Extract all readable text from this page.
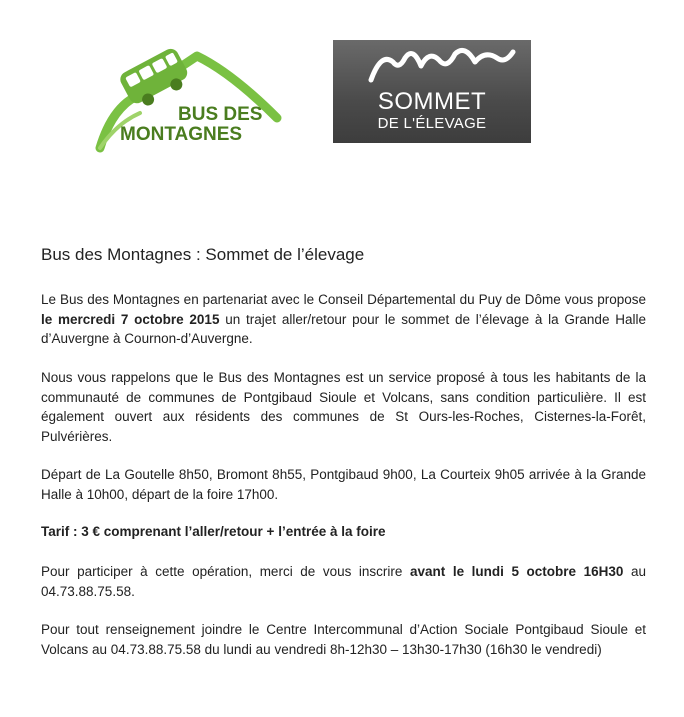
BUS DES
MONTAGNES
SOMMET
DE L'ÉLEVAGE
Bus des Montagnes : Sommet de l’élevage
Le Bus des Montagnes en partenariat avec le Conseil Départemental du Puy de Dôme vous propose le mercredi 7 octobre 2015 un trajet aller/retour pour le sommet de l’élevage à la Grande Halle d’Auvergne à Cournon-d’Auvergne.
Nous vous rappelons que le Bus des Montagnes est un service proposé à tous les habitants de la communauté de communes de Pontgibaud Sioule et Volcans, sans condition particulière. Il est également ouvert aux résidents des communes de St Ours-les-Roches, Cisternes-la-Forêt, Pulvérières.
Départ de La Goutelle 8h50, Bromont 8h55, Pontgibaud 9h00, La Courteix 9h05 arrivée à la Grande Halle à 10h00, départ de la foire 17h00.
Tarif : 3 € comprenant l’aller/retour + l’entrée à la foire
Pour participer à cette opération, merci de vous inscrire avant le lundi 5 octobre 16H30 au 04.73.88.75.58.
Pour tout renseignement joindre le Centre Intercommunal d’Action Sociale Pontgibaud Sioule et Volcans au 04.73.88.75.58 du lundi au vendredi 8h-12h30 – 13h30-17h30 (16h30 le vendredi)
